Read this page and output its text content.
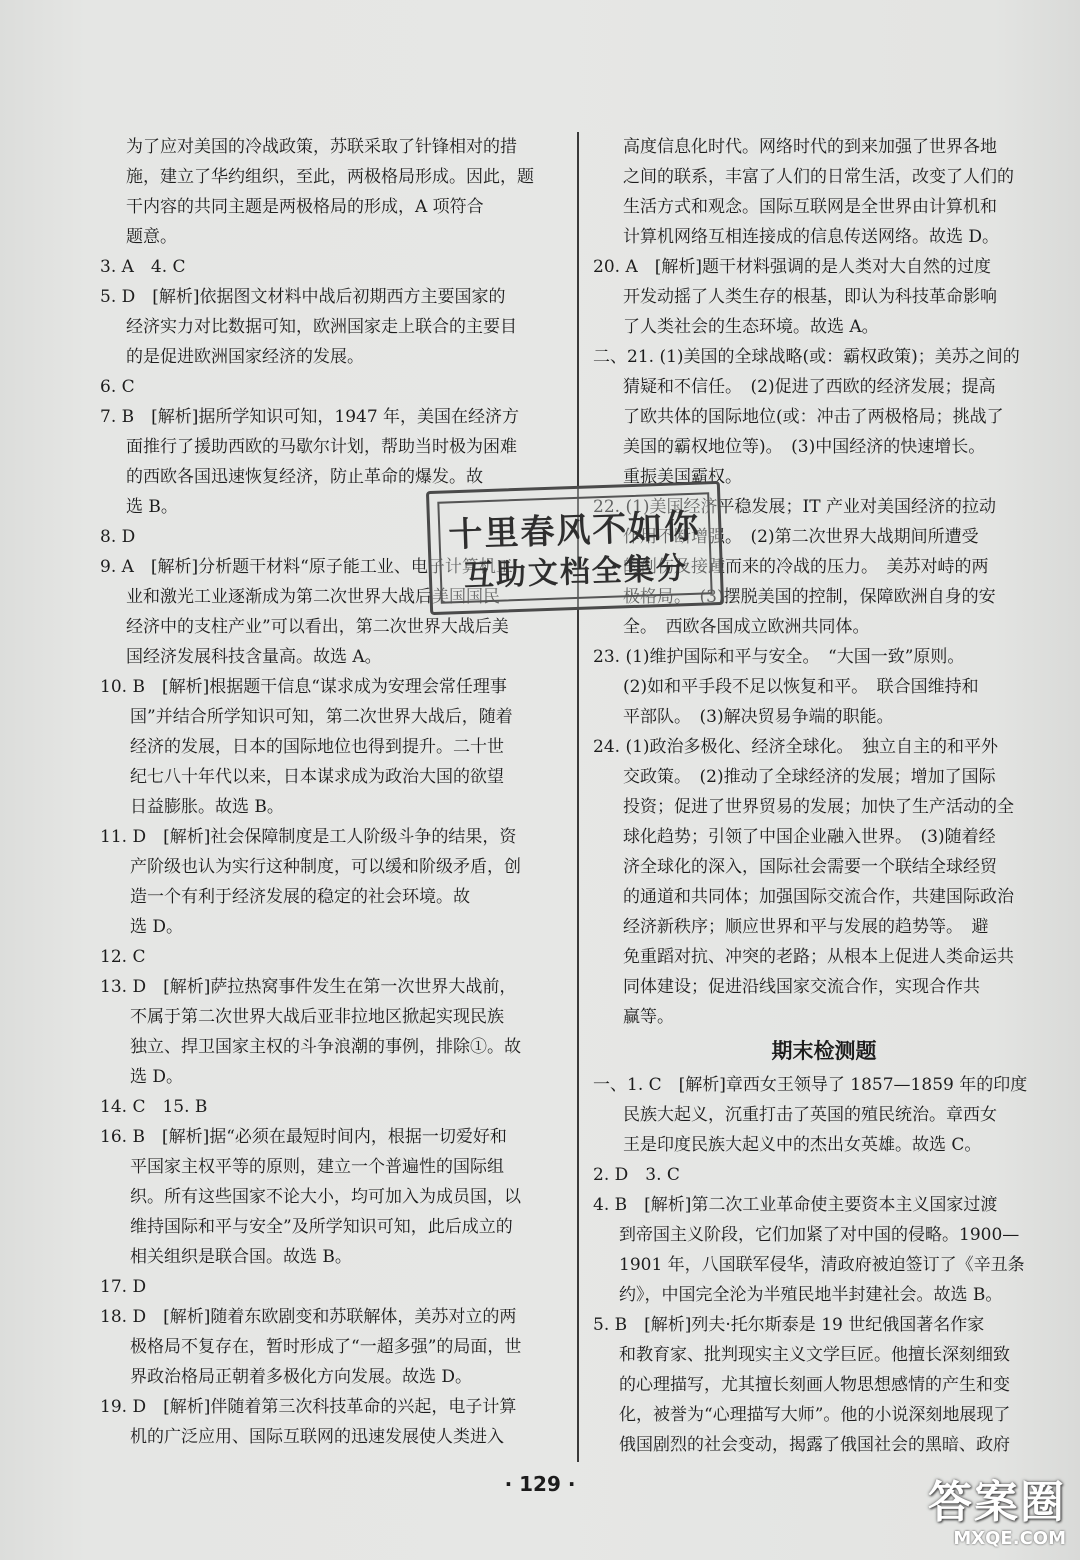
为了应对美国的冷战政策，苏联采取了针锋相对的措
施，建立了华约组织，至此，两极格局形成。因此，题
干内容的共同主题是两极格局的形成，A 项符合
题意。
3. A　4. C
5. D　[解析]依据图文材料中战后初期西方主要国家的
经济实力对比数据可知，欧洲国家走上联合的主要目
的是促进欧洲国家经济的发展。
6. C
7. B　[解析]据所学知识可知，1947 年，美国在经济方
面推行了援助西欧的马歇尔计划，帮助当时极为困难
的西欧各国迅速恢复经济，防止革命的爆发。故
选 B。
8. D
9. A　[解析]分析题干材料“原子能工业、电子计算机工
业和激光工业逐渐成为第二次世界大战后美国国民
经济中的支柱产业”可以看出，第二次世界大战后美
国经济发展科技含量高。故选 A。
10. B　[解析]根据题干信息“谋求成为安理会常任理事
国”并结合所学知识可知，第二次世界大战后，随着
经济的发展，日本的国际地位也得到提升。二十世
纪七八十年代以来，日本谋求成为政治大国的欲望
日益膨胀。故选 B。
11. D　[解析]社会保障制度是工人阶级斗争的结果，资
产阶级也认为实行这种制度，可以缓和阶级矛盾，创
造一个有利于经济发展的稳定的社会环境。故
选 D。
12. C
13. D　[解析]萨拉热窝事件发生在第一次世界大战前，
不属于第二次世界大战后亚非拉地区掀起实现民族
独立、捍卫国家主权的斗争浪潮的事例，排除①。故
选 D。
14. C　15. B
16. B　[解析]据“必须在最短时间内，根据一切爱好和
平国家主权平等的原则，建立一个普遍性的国际组
织。所有这些国家不论大小，均可加入为成员国，以
维持国际和平与安全”及所学知识可知，此后成立的
相关组织是联合国。故选 B。
17. D
18. D　[解析]随着东欧剧变和苏联解体，美苏对立的两
极格局不复存在，暂时形成了“一超多强”的局面，世
界政治格局正朝着多极化方向发展。故选 D。
19. D　[解析]伴随着第三次科技革命的兴起，电子计算
机的广泛应用、国际互联网的迅速发展使人类进入
高度信息化时代。网络时代的到来加强了世界各地
之间的联系，丰富了人们的日常生活，改变了人们的
生活方式和观念。国际互联网是全世界由计算机和
计算机网络互相连接成的信息传送网络。故选 D。
20. A　[解析]题干材料强调的是人类对大自然的过度
开发动摇了人类生存的根基，即认为科技革命影响
了人类社会的生态环境。故选 A。
二、21. (1)美国的全球战略(或：霸权政策)；美苏之间的
猜疑和不信任。　(2)促进了西欧的经济发展；提高
了欧共体的国际地位(或：冲击了两极格局；挑战了
美国的霸权地位等)。　(3)中国经济的快速增长。
重振美国霸权。
22. (1)美国经济平稳发展；IT 产业对美国经济的拉动
作用不断增强。　(2)第二次世界大战期间所遭受
的创伤及接踵而来的冷战的压力。　美苏对峙的两
极格局。　(3)摆脱美国的控制，保障欧洲自身的安
全。　西欧各国成立欧洲共同体。
23. (1)维护国际和平与安全。　“大国一致”原则。
(2)如和平手段不足以恢复和平。　联合国维持和
平部队。　(3)解决贸易争端的职能。
24. (1)政治多极化、经济全球化。　独立自主的和平外
交政策。　(2)推动了全球经济的发展；增加了国际
投资；促进了世界贸易的发展；加快了生产活动的全
球化趋势；引领了中国企业融入世界。　(3)随着经
济全球化的深入，国际社会需要一个联结全球经贸
的通道和共同体；加强国际交流合作，共建国际政治
经济新秩序；顺应世界和平与发展的趋势等。　避
免重蹈对抗、冲突的老路；从根本上促进人类命运共
同体建设；促进沿线国家交流合作，实现合作共
赢等。
期末检测题
一、1. C　[解析]章西女王领导了 1857—1859 年的印度
民族大起义，沉重打击了英国的殖民统治。章西女
王是印度民族大起义中的杰出女英雄。故选 C。
2. D　3. C
4. B　[解析]第二次工业革命使主要资本主义国家过渡
到帝国主义阶段，它们加紧了对中国的侵略。1900—
1901 年，八国联军侵华，清政府被迫签订了《辛丑条
约》，中国完全沦为半殖民地半封建社会。故选 B。
5. B　[解析]列夫·托尔斯泰是 19 世纪俄国著名作家
和教育家、批判现实主义文学巨匠。他擅长深刻细致
的心理描写，尤其擅长刻画人物思想感情的产生和变
化，被誉为“心理描写大师”。他的小说深刻地展现了
俄国剧烈的社会变动，揭露了俄国社会的黑暗、政府
十里春风不如你
互助文档全集分
· 129 ·	答案圈
MXQE.COM
